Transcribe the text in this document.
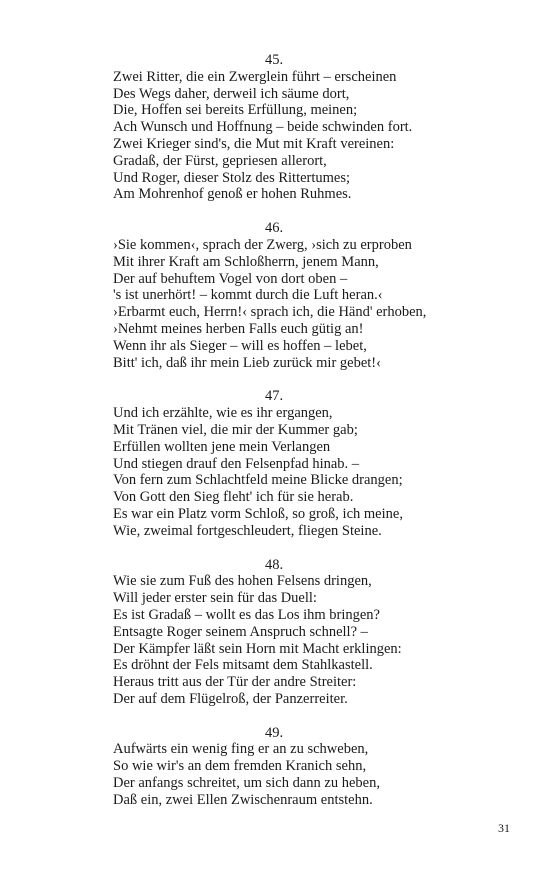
45.
Zwei Ritter, die ein Zwerglein führt – erscheinen
Des Wegs daher, derweil ich säume dort,
Die, Hoffen sei bereits Erfüllung, meinen;
Ach Wunsch und Hoffnung – beide schwinden fort.
Zwei Krieger sind's, die Mut mit Kraft vereinen:
Gradaß, der Fürst, gepriesen allerort,
Und Roger, dieser Stolz des Rittertumes;
Am Mohrenhof genoß er hohen Ruhmes.
46.
›Sie kommen‹, sprach der Zwerg, ›sich zu erproben
Mit ihrer Kraft am Schloßherrn, jenem Mann,
Der auf behuftem Vogel von dort oben –
's ist unerhört! – kommt durch die Luft heran.‹
›Erbarmt euch, Herrn!‹ sprach ich, die Händ' erhoben,
›Nehmt meines herben Falls euch gütig an!
Wenn ihr als Sieger – will es hoffen – lebet,
Bitt' ich, daß ihr mein Lieb zurück mir gebet!‹
47.
Und ich erzählte, wie es ihr ergangen,
Mit Tränen viel, die mir der Kummer gab;
Erfüllen wollten jene mein Verlangen
Und stiegen drauf den Felsenpfad hinab. –
Von fern zum Schlachtfeld meine Blicke drangen;
Von Gott den Sieg fleht' ich für sie herab.
Es war ein Platz vorm Schloß, so groß, ich meine,
Wie, zweimal fortgeschleudert, fliegen Steine.
48.
Wie sie zum Fuß des hohen Felsens dringen,
Will jeder erster sein für das Duell:
Es ist Gradaß – wollt es das Los ihm bringen?
Entsagte Roger seinem Anspruch schnell? –
Der Kämpfer läßt sein Horn mit Macht erklingen:
Es dröhnt der Fels mitsamt dem Stahlkastell.
Heraus tritt aus der Tür der andre Streiter:
Der auf dem Flügelroß, der Panzerreiter.
49.
Aufwärts ein wenig fing er an zu schweben,
So wie wir's an dem fremden Kranich sehn,
Der anfangs schreitet, um sich dann zu heben,
Daß ein, zwei Ellen Zwischenraum entstehn.
31
